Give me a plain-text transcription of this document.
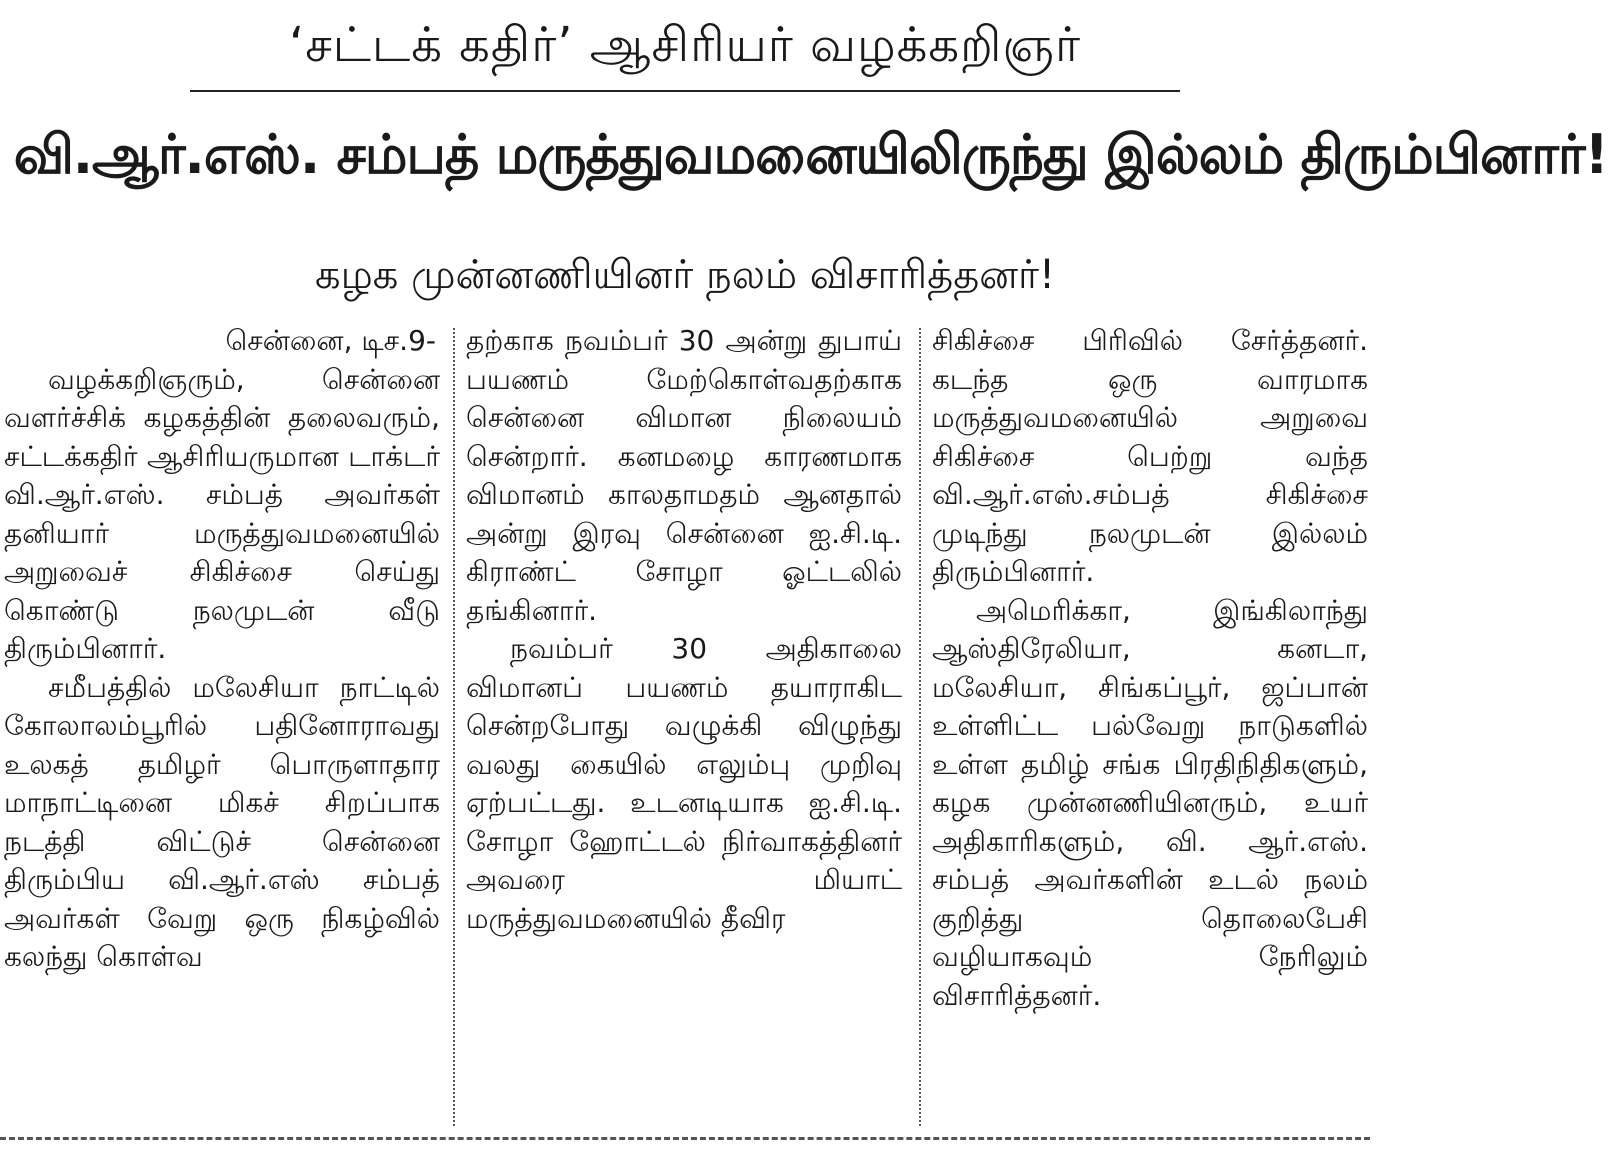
‘சட்டக் கதிர்’ ஆசிரியர் வழக்கறிஞர்
வி.ஆர்.எஸ். சம்பத் மருத்துவமனையிலிருந்து இல்லம் திரும்பினார்!
கழக முன்னணியினர் நலம் விசாரித்தனர்!

சென்னை, டிச.9-

வழக்கறிஞரும், சென்னை வளர்ச்சிக் கழகத்தின் தலைவரும், சட்டக்கதிர் ஆசிரியருமான டாக்டர் வி.ஆர்.எஸ். சம்பத் அவர்கள் தனியார் மருத்துவமனையில் அறுவைச் சிகிச்சை செய்து கொண்டு நலமுடன் வீடு திரும்பினார்.

சமீபத்தில் மலேசியா நாட்டில் கோலாலம்பூரில் பதினோராவது உலகத் தமிழர் பொருளாதார மாநாட்டினை மிகச் சிறப்பாக நடத்தி விட்டுச் சென்னை திரும்பிய வி.ஆர்.எஸ் சம்பத் அவர்கள் வேறு ஒரு நிகழ்வில் கலந்து கொள்வ

தற்காக நவம்பர் 30 அன்று துபாய் பயணம் மேற்கொள்வதற்காக சென்னை விமான நிலையம் சென்றார். கனமழை காரணமாக விமானம் காலதாமதம் ஆனதால் அன்று இரவு சென்னை ஐ.சி.டி. கிராண்ட் சோழா ஓட்டலில் தங்கினார்.

நவம்பர் 30 அதிகாலை விமானப் பயணம் தயாராகிட சென்றபோது வழுக்கி விழுந்து வலது கையில் எலும்பு முறிவு ஏற்பட்டது. உடனடியாக ஐ.சி.டி. சோழா ஹோட்டல் நிர்வாகத்தினர் அவரை மியாட் மருத்துவமனையில் தீவிர

சிகிச்சை பிரிவில் சேர்த்தனர். கடந்த ஒரு வாரமாக மருத்துவமனையில் அறுவை சிகிச்சை பெற்று வந்த வி.ஆர்.எஸ்.சம்பத் சிகிச்சை முடிந்து நலமுடன் இல்லம் திரும்பினார்.

அமெரிக்கா, இங்கிலாந்து ஆஸ்திரேலியா, கனடா, மலேசியா, சிங்கப்பூர், ஜப்பான் உள்ளிட்ட பல்வேறு நாடுகளில் உள்ள தமிழ் சங்க பிரதிநிதிகளும், கழக முன்னணியினரும், உயர் அதிகாரிகளும், வி. ஆர்.எஸ். சம்பத் அவர்களின் உடல் நலம் குறித்து தொலைபேசி வழியாகவும் நேரிலும் விசாரித்தனர்.
